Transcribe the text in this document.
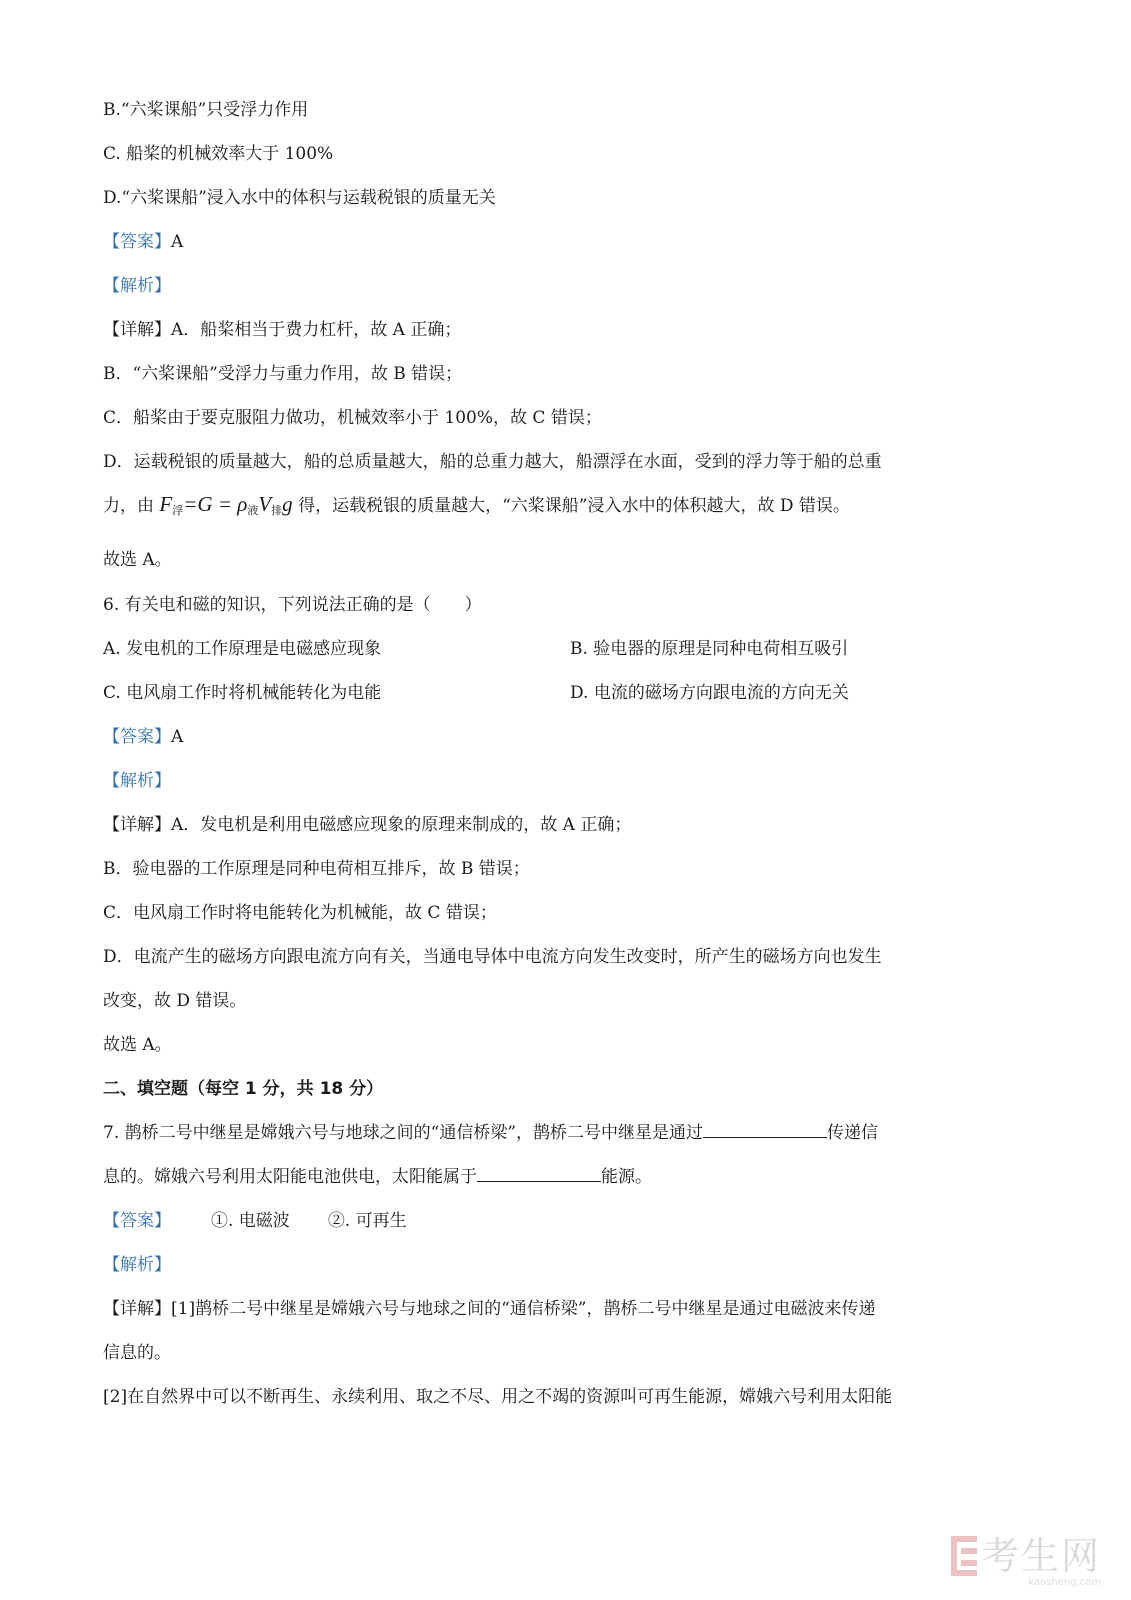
B.“六桨课船”只受浮力作用
C. 船桨的机械效率大于 100%
D.“六桨课船”浸入水中的体积与运载税银的质量无关
【答案】A
【解析】
【详解】A．船桨相当于费力杠杆，故 A 正确；
B．“六桨课船”受浮力与重力作用，故 B 错误；
C．船桨由于要克服阻力做功，机械效率小于 100%，故 C 错误；
D．运载税银的质量越大，船的总质量越大，船的总重力越大，船漂浮在水面，受到的浮力等于船的总重
力，由 $F_浮=G = \rho_液V_排g$ 得，运载税银的质量越大，“六桨课船”浸入水中的体积越大，故 D 错误。
故选 A。
6. 有关电和磁的知识，下列说法正确的是（　　）
A. 发电机的工作原理是电磁感应现象	B. 验电器的原理是同种电荷相互吸引
C. 电风扇工作时将机械能转化为电能	D. 电流的磁场方向跟电流的方向无关
【答案】A
【解析】
【详解】A．发电机是利用电磁感应现象的原理来制成的，故 A 正确；
B．验电器的工作原理是同种电荷相互排斥，故 B 错误；
C．电风扇工作时将电能转化为机械能，故 C 错误；
D．电流产生的磁场方向跟电流方向有关，当通电导体中电流方向发生改变时，所产生的磁场方向也发生
改变，故 D 错误。
故选 A。
二、填空题（每空 1 分，共 18 分）
7. 鹊桥二号中继星是嫦娥六号与地球之间的“通信桥梁”，鹊桥二号中继星是通过	传递信
息的。嫦娥六号利用太阳能电池供电，太阳能属于	能源。
【答案】 ①. 电磁波 ②. 可再生
【解析】
【详解】[1]鹊桥二号中继星是嫦娥六号与地球之间的“通信桥梁”，鹊桥二号中继星是通过电磁波来传递
信息的。
[2]在自然界中可以不断再生、永续利用、取之不尽、用之不竭的资源叫可再生能源，嫦娥六号利用太阳能
考生网
kaosheng.com
